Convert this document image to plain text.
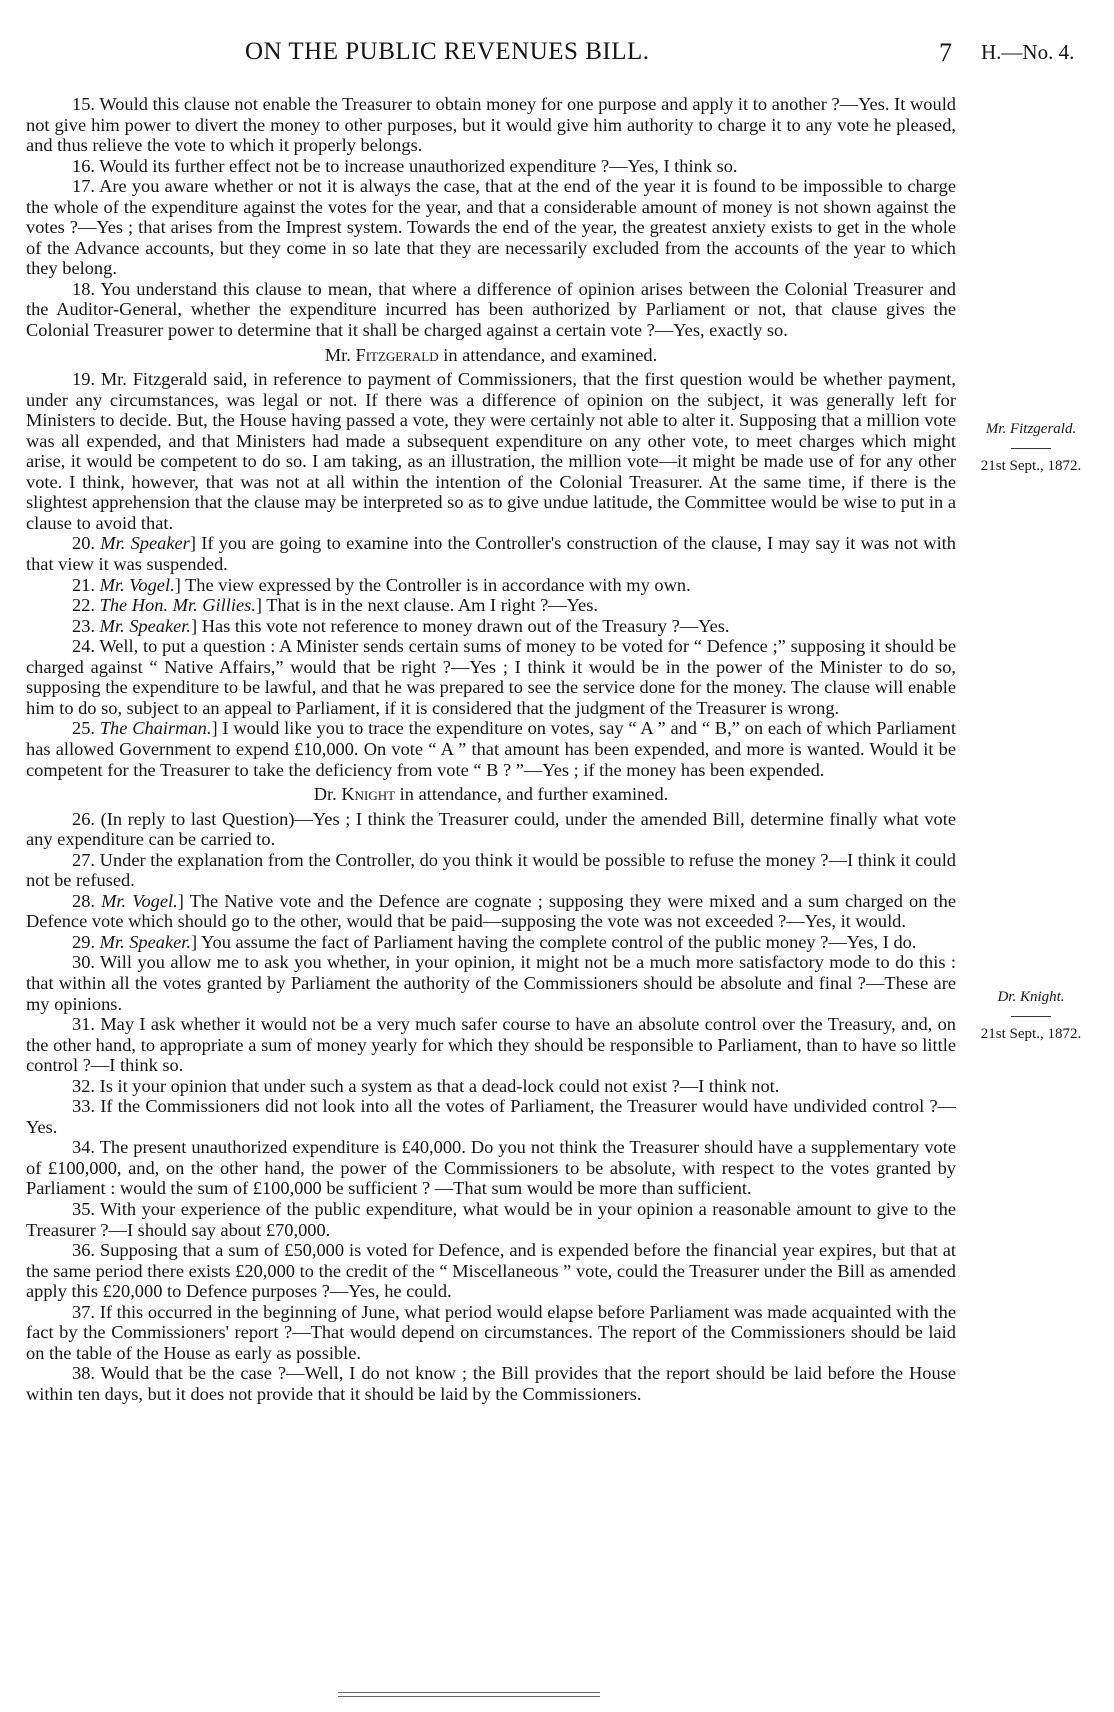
ON THE PUBLIC REVENUES BILL.	7 H.—No. 4.

15. Would this clause not enable the Treasurer to obtain money for one purpose and apply it to another ?—Yes. It would not give him power to divert the money to other purposes, but it would give him authority to charge it to any vote he pleased, and thus relieve the vote to which it properly belongs.

16. Would its further effect not be to increase unauthorized expenditure ?—Yes, I think so.

17. Are you aware whether or not it is always the case, that at the end of the year it is found to be impossible to charge the whole of the expenditure against the votes for the year, and that a considerable amount of money is not shown against the votes ?—Yes ; that arises from the Imprest system. Towards the end of the year, the greatest anxiety exists to get in the whole of the Advance accounts, but they come in so late that they are necessarily excluded from the accounts of the year to which they belong.

18. You understand this clause to mean, that where a difference of opinion arises between the Colonial Treasurer and the Auditor-General, whether the expenditure incurred has been authorized by Parliament or not, that clause gives the Colonial Treasurer power to determine that it shall be charged against a certain vote ?—Yes, exactly so.

Mr. Fitzgerald in attendance, and examined.

19. Mr. Fitzgerald said, in reference to payment of Commissioners, that the first question would be whether payment, under any circumstances, was legal or not. If there was a difference of opinion on the subject, it was generally left for Ministers to decide. But, the House having passed a vote, they were certainly not able to alter it. Supposing that a million vote was all expended, and that Ministers had made a subsequent expenditure on any other vote, to meet charges which might arise, it would be competent to do so. I am taking, as an illustration, the million vote—it might be made use of for any other vote. I think, however, that was not at all within the intention of the Colonial Treasurer. At the same time, if there is the slightest apprehension that the clause may be interpreted so as to give undue latitude, the Committee would be wise to put in a clause to avoid that.

20. Mr. Speaker] If you are going to examine into the Controller's construction of the clause, I may say it was not with that view it was suspended.

21. Mr. Vogel.] The view expressed by the Controller is in accordance with my own.

22. The Hon. Mr. Gillies.] That is in the next clause. Am I right ?—Yes.

23. Mr. Speaker.] Has this vote not reference to money drawn out of the Treasury ?—Yes.

24. Well, to put a question : A Minister sends certain sums of money to be voted for “ Defence ;” supposing it should be charged against “ Native Affairs,” would that be right ?—Yes ; I think it would be in the power of the Minister to do so, supposing the expenditure to be lawful, and that he was prepared to see the service done for the money. The clause will enable him to do so, subject to an appeal to Parliament, if it is considered that the judgment of the Treasurer is wrong.

25. The Chairman.] I would like you to trace the expenditure on votes, say “ A ” and “ B,” on each of which Parliament has allowed Government to expend £10,000. On vote “ A ” that amount has been expended, and more is wanted. Would it be competent for the Treasurer to take the deficiency from vote “ B ? ”—Yes ; if the money has been expended.

Dr. Knight in attendance, and further examined.

26. (In reply to last Question)—Yes ; I think the Treasurer could, under the amended Bill, determine finally what vote any expenditure can be carried to.

27. Under the explanation from the Controller, do you think it would be possible to refuse the money ?—I think it could not be refused.

28. Mr. Vogel.] The Native vote and the Defence are cognate ; supposing they were mixed and a sum charged on the Defence vote which should go to the other, would that be paid—supposing the vote was not exceeded ?—Yes, it would.

29. Mr. Speaker.] You assume the fact of Parliament having the complete control of the public money ?—Yes, I do.

30. Will you allow me to ask you whether, in your opinion, it might not be a much more satisfactory mode to do this : that within all the votes granted by Parliament the authority of the Commissioners should be absolute and final ?—These are my opinions.

31. May I ask whether it would not be a very much safer course to have an absolute control over the Treasury, and, on the other hand, to appropriate a sum of money yearly for which they should be responsible to Parliament, than to have so little control ?—I think so.

32. Is it your opinion that under such a system as that a dead-lock could not exist ?—I think not.

33. If the Commissioners did not look into all the votes of Parliament, the Treasurer would have undivided control ?—Yes.

34. The present unauthorized expenditure is £40,000. Do you not think the Treasurer should have a supplementary vote of £100,000, and, on the other hand, the power of the Commissioners to be absolute, with respect to the votes granted by Parliament : would the sum of £100,000 be sufficient ? —That sum would be more than sufficient.

35. With your experience of the public expenditure, what would be in your opinion a reasonable amount to give to the Treasurer ?—I should say about £70,000.

36. Supposing that a sum of £50,000 is voted for Defence, and is expended before the financial year expires, but that at the same period there exists £20,000 to the credit of the “ Miscellaneous ” vote, could the Treasurer under the Bill as amended apply this £20,000 to Defence purposes ?—Yes, he could.

37. If this occurred in the beginning of June, what period would elapse before Parliament was made acquainted with the fact by the Commissioners' report ?—That would depend on circumstances. The report of the Commissioners should be laid on the table of the House as early as possible.

38. Would that be the case ?—Well, I do not know ; the Bill provides that the report should be laid before the House within ten days, but it does not provide that it should be laid by the Commissioners.

Mr. Fitzgerald.
21st Sept., 1872.
Dr. Knight.
21st Sept., 1872.
